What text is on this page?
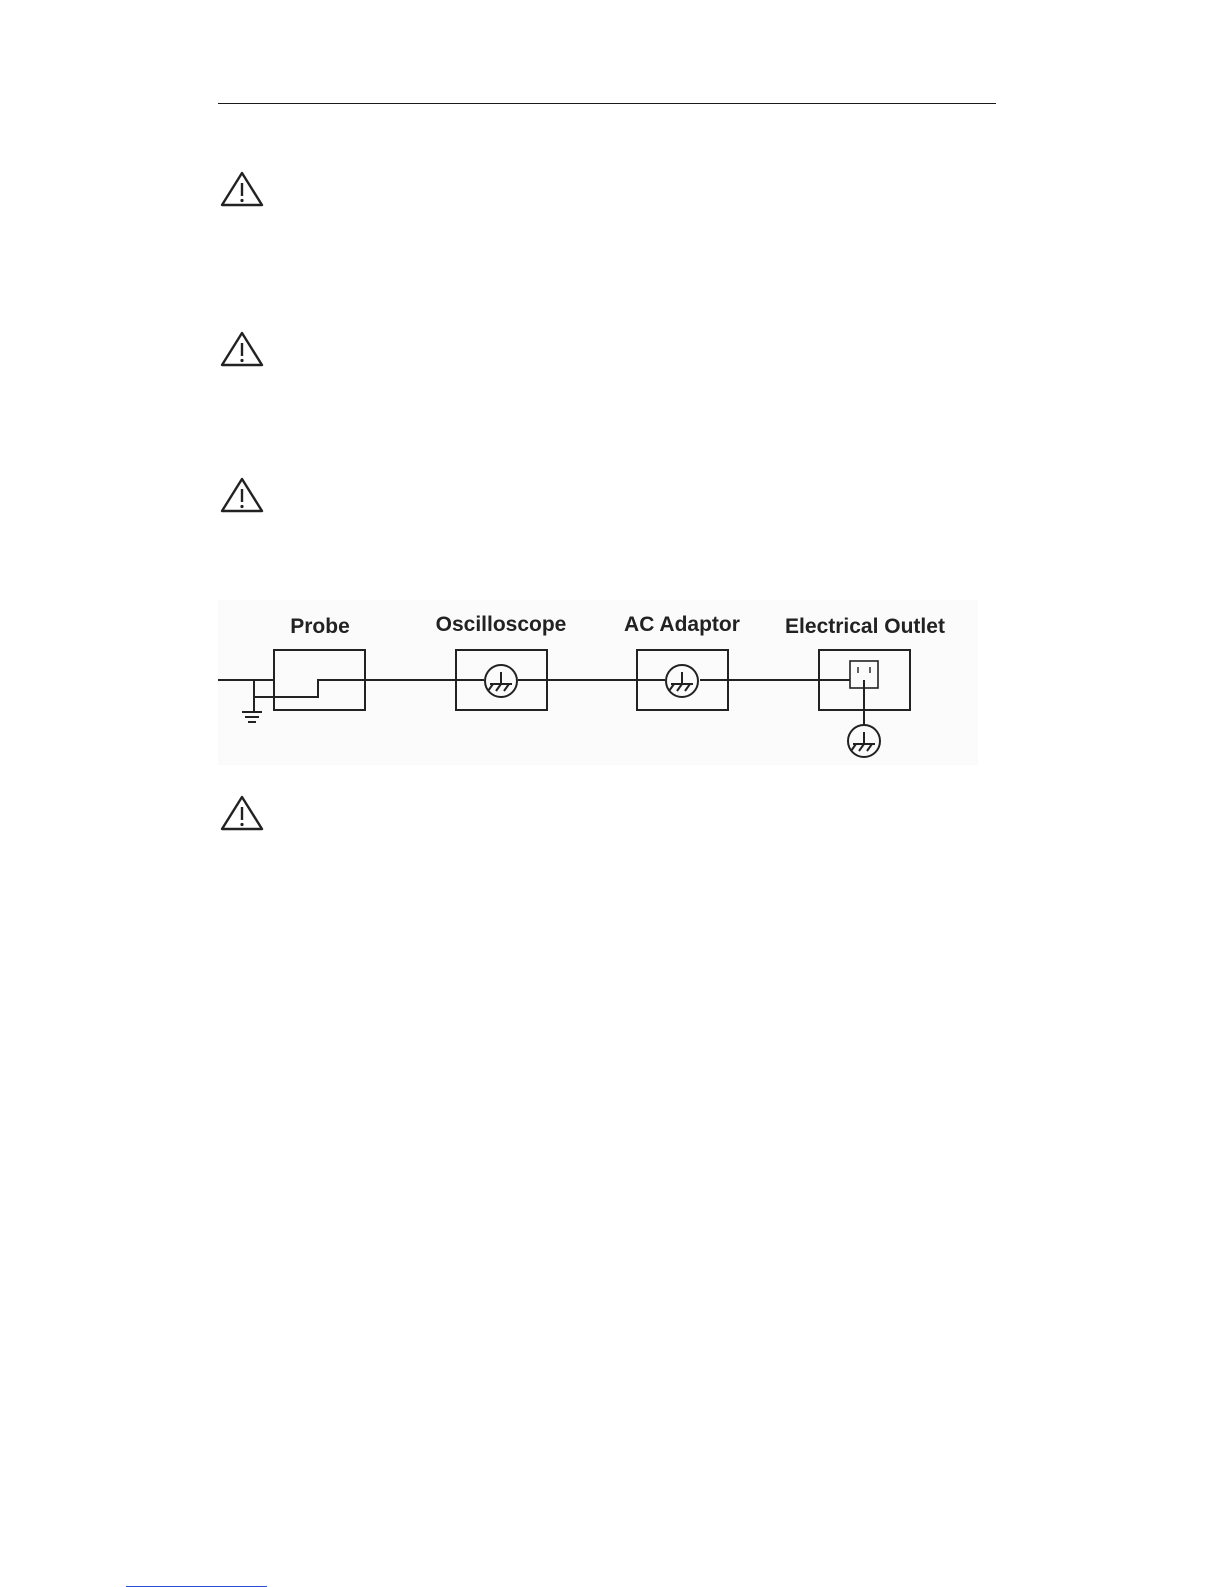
Probe	Oscilloscope	AC Adaptor Electrical Outlet
